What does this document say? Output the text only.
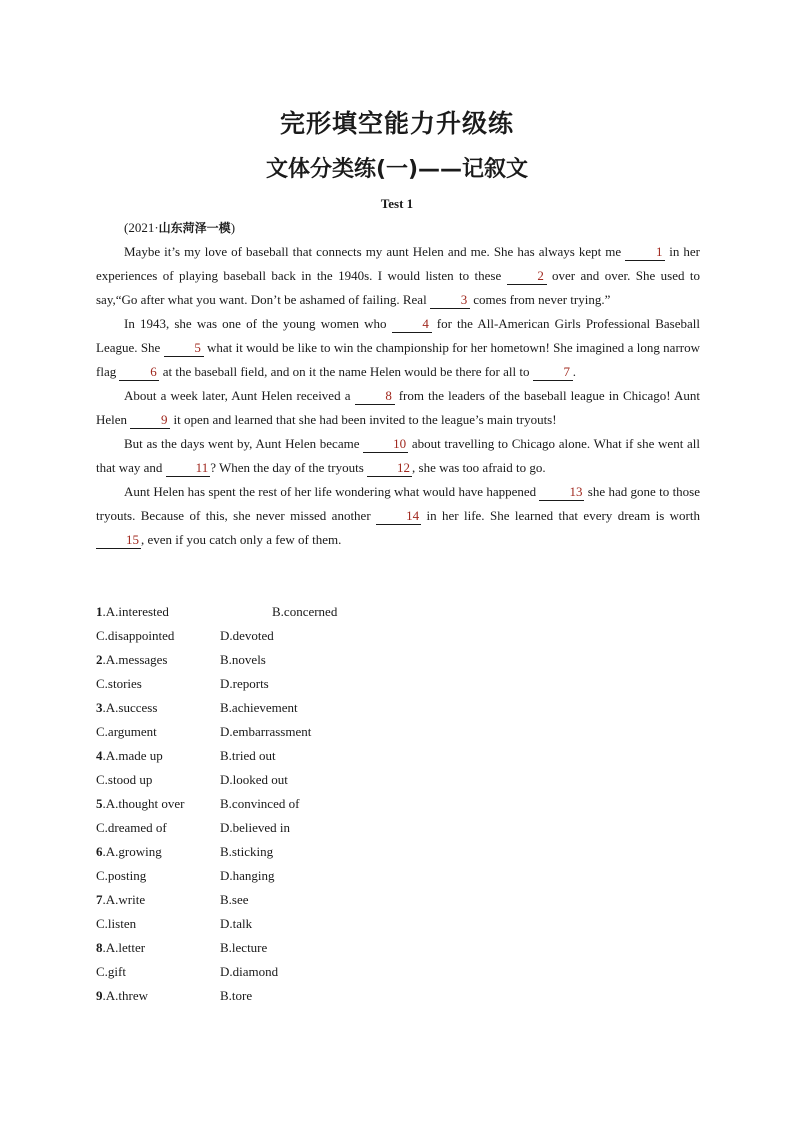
完形填空能力升级练
文体分类练(一)——记叙文
Test 1
(2021·山东菏泽一模)

Maybe it’s my love of baseball that connects my aunt Helen and me. She has always kept me 1 in her experiences of playing baseball back in the 1940s. I would listen to these 2 over and over. She used to say,“Go after what you want. Don’t be ashamed of failing. Real 3 comes from never trying.”

In 1943, she was one of the young women who 4 for the All-American Girls Professional Baseball League. She 5 what it would be like to win the championship for her hometown! She imagined a long narrow flag 6 at the baseball field, and on it the name Helen would be there for all to 7 .

About a week later, Aunt Helen received a 8 from the leaders of the baseball league in Chicago! Aunt Helen 9 it open and learned that she had been invited to the league’s main tryouts!

But as the days went by, Aunt Helen became 10 about travelling to Chicago alone. What if she went all that way and 11 ? When the day of the tryouts 12 , she was too afraid to go.

Aunt Helen has spent the rest of her life wondering what would have happened 13 she had gone to those tryouts. Because of this, she never missed another 14 in her life. She learned that every dream is worth 15 , even if you catch only a few of them.

1.A.interested	B.concerned
C.disappointed	D.devoted
2.A.messages	B.novels
C.stories	D.reports
3.A.success	B.achievement
C.argument	D.embarrassment
4.A.made up	B.tried out
C.stood up	D.looked out
5.A.thought over	B.convinced of
C.dreamed of	D.believed in
6.A.growing	B.sticking
C.posting	D.hanging
7.A.write	B.see
C.listen	D.talk
8.A.letter	B.lecture
C.gift	D.diamond
9.A.threw	B.tore
